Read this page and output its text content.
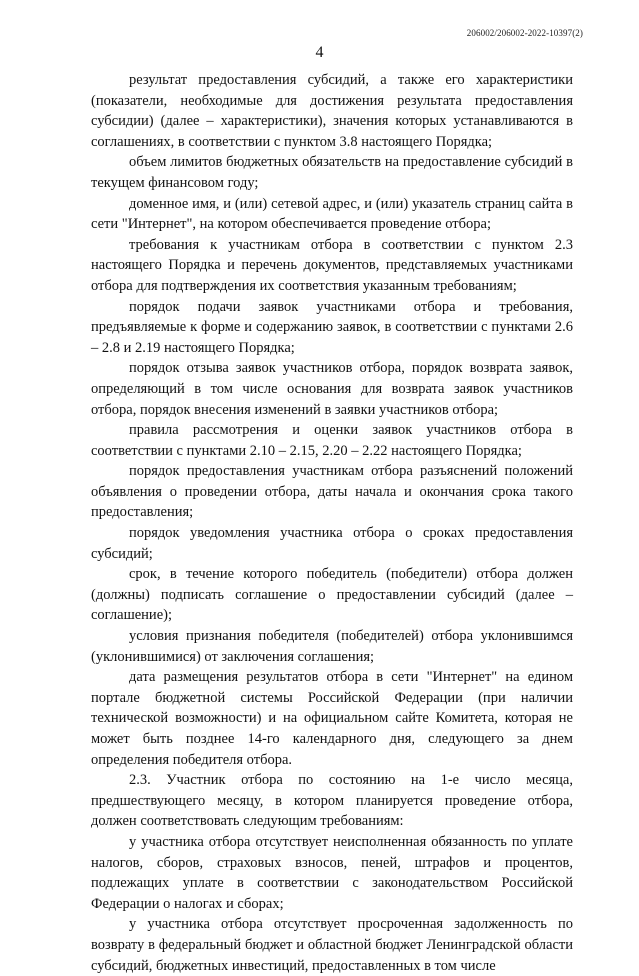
206002/206002-2022-10397(2)
4

результат предоставления субсидий, а также его характеристики (показатели, необходимые для достижения результата предоставления субсидии) (далее – характеристики), значения которых устанавливаются в соглашениях, в соответствии с пунктом 3.8 настоящего Порядка;

объем лимитов бюджетных обязательств на предоставление субсидий в текущем финансовом году;

доменное имя, и (или) сетевой адрес, и (или) указатель страниц сайта в сети "Интернет", на котором обеспечивается проведение отбора;

требования к участникам отбора в соответствии с пунктом 2.3 настоящего Порядка и перечень документов, представляемых участниками отбора для подтверждения их соответствия указанным требованиям;

порядок подачи заявок участниками отбора и требования, предъявляемые к форме и содержанию заявок, в соответствии с пунктами 2.6 – 2.8 и 2.19 настоящего Порядка;

порядок отзыва заявок участников отбора, порядок возврата заявок, определяющий в том числе основания для возврата заявок участников отбора, порядок внесения изменений в заявки участников отбора;

правила рассмотрения и оценки заявок участников отбора в соответствии с пунктами 2.10 – 2.15, 2.20 – 2.22 настоящего Порядка;

порядок предоставления участникам отбора разъяснений положений объявления о проведении отбора, даты начала и окончания срока такого предоставления;

порядок уведомления участника отбора о сроках предоставления субсидий;

срок, в течение которого победитель (победители) отбора должен (должны) подписать соглашение о предоставлении субсидий (далее – соглашение);

условия признания победителя (победителей) отбора уклонившимся (уклонившимися) от заключения соглашения;

дата размещения результатов отбора в сети "Интернет" на едином портале бюджетной системы Российской Федерации (при наличии технической возможности) и на официальном сайте Комитета, которая не может быть позднее 14-го календарного дня, следующего за днем определения победителя отбора.

2.3. Участник отбора по состоянию на 1-е число месяца, предшествующего месяцу, в котором планируется проведение отбора, должен соответствовать следующим требованиям:

у участника отбора отсутствует неисполненная обязанность по уплате налогов, сборов, страховых взносов, пеней, штрафов и процентов, подлежащих уплате в соответствии с законодательством Российской Федерации о налогах и сборах;

у участника отбора отсутствует просроченная задолженность по возврату в федеральный бюджет и областной бюджет Ленинградской области субсидий, бюджетных инвестиций, предоставленных в том числе
